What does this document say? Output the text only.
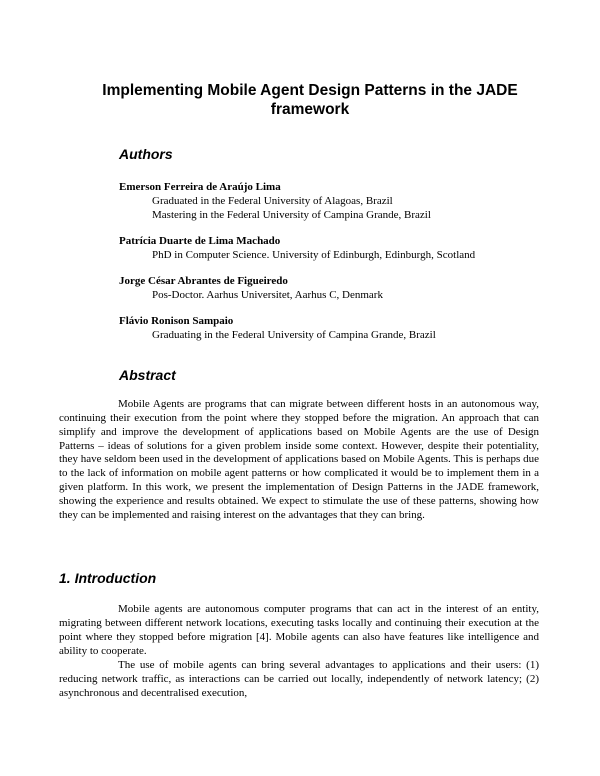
Implementing Mobile Agent Design Patterns in the JADE framework
Authors

Emerson Ferreira de Araújo Lima

Graduated in the Federal University of Alagoas, Brazil

Mastering in the Federal University of Campina Grande, Brazil

Patrícia Duarte de Lima Machado

PhD in Computer Science. University of Edinburgh, Edinburgh, Scotland

Jorge César Abrantes de Figueiredo

Pos-Doctor. Aarhus Universitet, Aarhus C, Denmark

Flávio Ronison Sampaio

Graduating in the Federal University of Campina Grande, Brazil

Abstract

Mobile Agents are programs that can migrate between different hosts in an autonomous way, continuing their execution from the point where they stopped before the migration. An approach that can simplify and improve the development of applications based on Mobile Agents are the use of Design Patterns – ideas of solutions for a given problem inside some context. However, despite their potentiality, they have seldom been used in the development of applications based on Mobile Agents. This is perhaps due to the lack of information on mobile agent patterns or how complicated it would be to implement them in a given platform. In this work, we present the implementation of Design Patterns in the JADE framework, showing the experience and results obtained. We expect to stimulate the use of these patterns, showing how they can be implemented and raising interest on the advantages that they can bring.

1. Introduction

Mobile agents are autonomous computer programs that can act in the interest of an entity, migrating between different network locations, executing tasks locally and continuing their execution at the point where they stopped before migration [4]. Mobile agents can also have features like intelligence and ability to cooperate.

The use of mobile agents can bring several advantages to applications and their users: (1) reducing network traffic, as interactions can be carried out locally, independently of network latency; (2) asynchronous and decentralised execution,
